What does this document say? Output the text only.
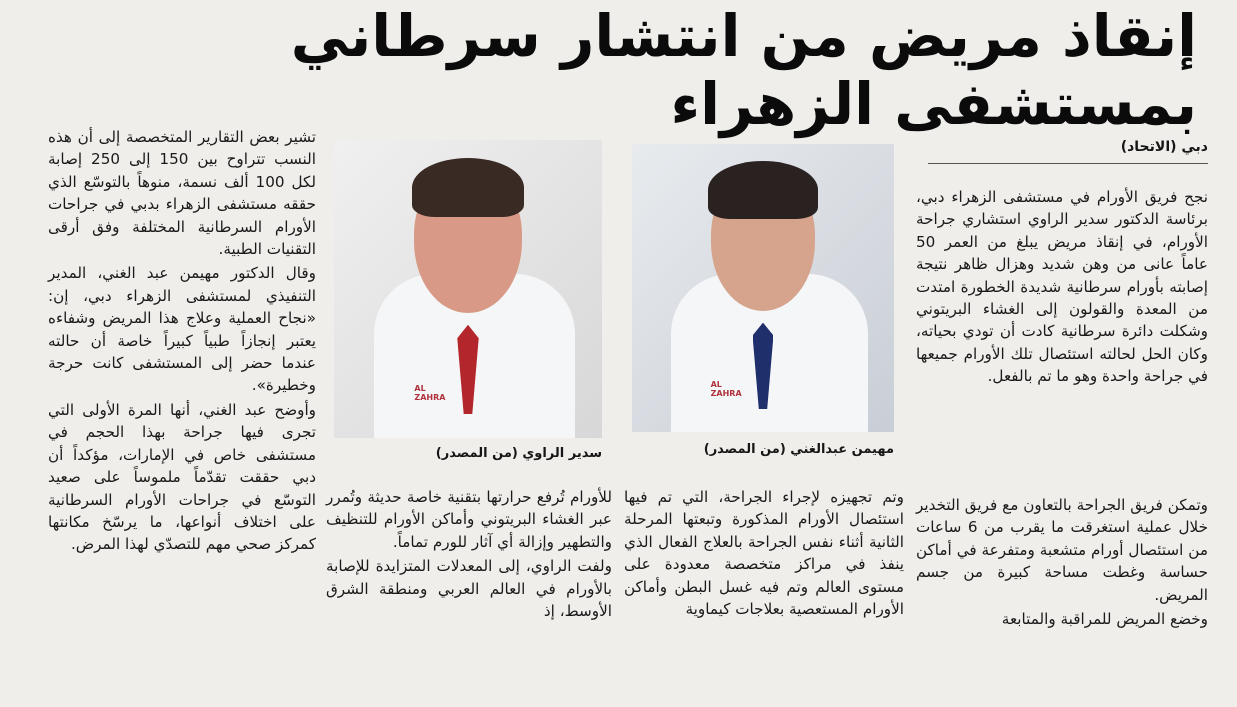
إنقاذ مريض من انتشار سرطاني بمستشفى الزهراء
دبي (الاتحاد)

نجح فريق الأورام في مستشفى الزهراء دبي، برئاسة الدكتور سدير الراوي استشاري جراحة الأورام، في إنقاذ مريض يبلغ من العمر 50 عاماً عانى من وهن شديد وهزال ظاهر نتيجة إصابته بأورام سرطانية شديدة الخطورة امتدت من المعدة والقولون إلى الغشاء البريتوني وشكلت دائرة سرطانية كادت أن تودي بحياته، وكان الحل لحالته استئصال تلك الأورام جميعها في جراحة واحدة وهو ما تم بالفعل.

وتمكن فريق الجراحة بالتعاون مع فريق التخدير خلال عملية استغرقت ما يقرب من 6 ساعات من استئصال أورام متشعبة ومتفرعة في أماكن حساسة وغطت مساحة كبيرة من جسم المريض.

وخضع المريض للمراقبة والمتابعة

AL ZAHRA
مهيمن عبدالغني (من المصدر)
AL ZAHRA
سدير الراوي (من المصدر)

وتم تجهيزه لإجراء الجراحة، التي تم فيها استئصال الأورام المذكورة وتبعتها المرحلة الثانية أثناء نفس الجراحة بالعلاج الفعال الذي ينفذ في مراكز متخصصة معدودة على مستوى العالم وتم فيه غسل البطن وأماكن الأورام المستعصية بعلاجات كيماوية

للأورام تُرفع حرارتها بتقنية خاصة حديثة وتُمرر عبر الغشاء البريتوني وأماكن الأورام للتنظيف والتطهير وإزالة أي آثار للورم تماماً.

ولفت الراوي، إلى المعدلات المتزايدة للإصابة بالأورام في العالم العربي ومنطقة الشرق الأوسط، إذ

تشير بعض التقارير المتخصصة إلى أن هذه النسب تتراوح بين 150 إلى 250 إصابة لكل 100 ألف نسمة، منوهاً بالتوسّع الذي حققه مستشفى الزهراء بدبي في جراحات الأورام السرطانية المختلفة وفق أرقى التقنيات الطبية.

وقال الدكتور مهيمن عبد الغني، المدير التنفيذي لمستشفى الزهراء دبي، إن: «نجاح العملية وعلاج هذا المريض وشفاءه يعتبر إنجازاً طبياً كبيراً خاصة أن حالته عندما حضر إلى المستشفى كانت حرجة وخطيرة».

وأوضح عبد الغني، أنها المرة الأولى التي تجرى فيها جراحة بهذا الحجم في مستشفى خاص في الإمارات، مؤكداً أن دبي حققت تقدّماً ملموساً على صعيد التوسّع في جراحات الأورام السرطانية على اختلاف أنواعها، ما يرسّخ مكانتها كمركز صحي مهم للتصدّي لهذا المرض.
